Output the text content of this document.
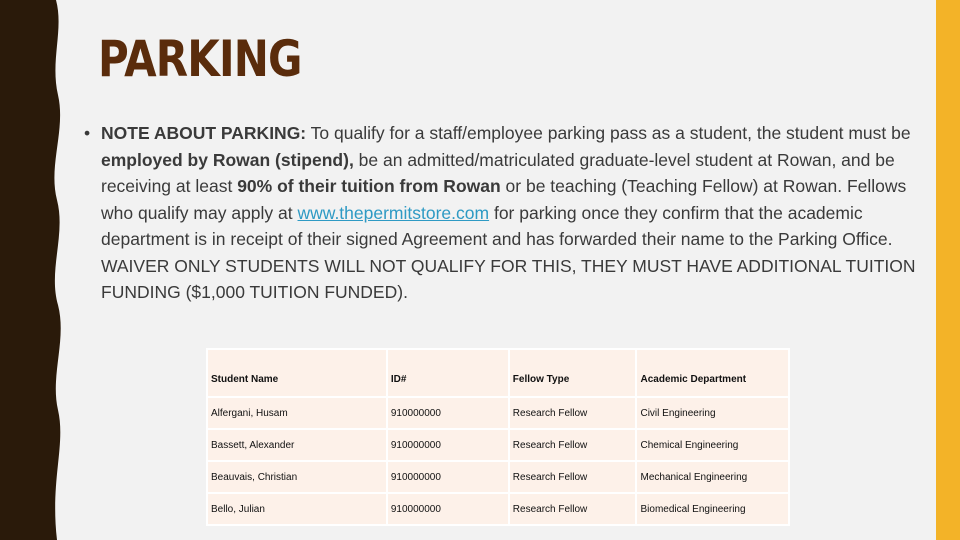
PARKING
• NOTE ABOUT PARKING: To qualify for a staff/employee parking pass as a student, the student must be employed by Rowan (stipend), be an admitted/matriculated graduate-level student at Rowan, and be receiving at least 90% of their tuition from Rowan or be teaching (Teaching Fellow) at Rowan. Fellows who qualify may apply at www.thepermitstore.com for parking once they confirm that the academic department is in receipt of their signed Agreement and has forwarded their name to the Parking Office. WAIVER ONLY STUDENTS WILL NOT QUALIFY FOR THIS, THEY MUST HAVE ADDITIONAL TUITION FUNDING ($1,000 TUITION FUNDED).
Student Name	ID#	Fellow Type	Academic Department
Alfergani, Husam	910000000	Research Fellow	Civil Engineering
Bassett, Alexander	910000000	Research Fellow	Chemical Engineering
Beauvais, Christian	910000000	Research Fellow	Mechanical Engineering
Bello, Julian	910000000	Research Fellow	Biomedical Engineering
